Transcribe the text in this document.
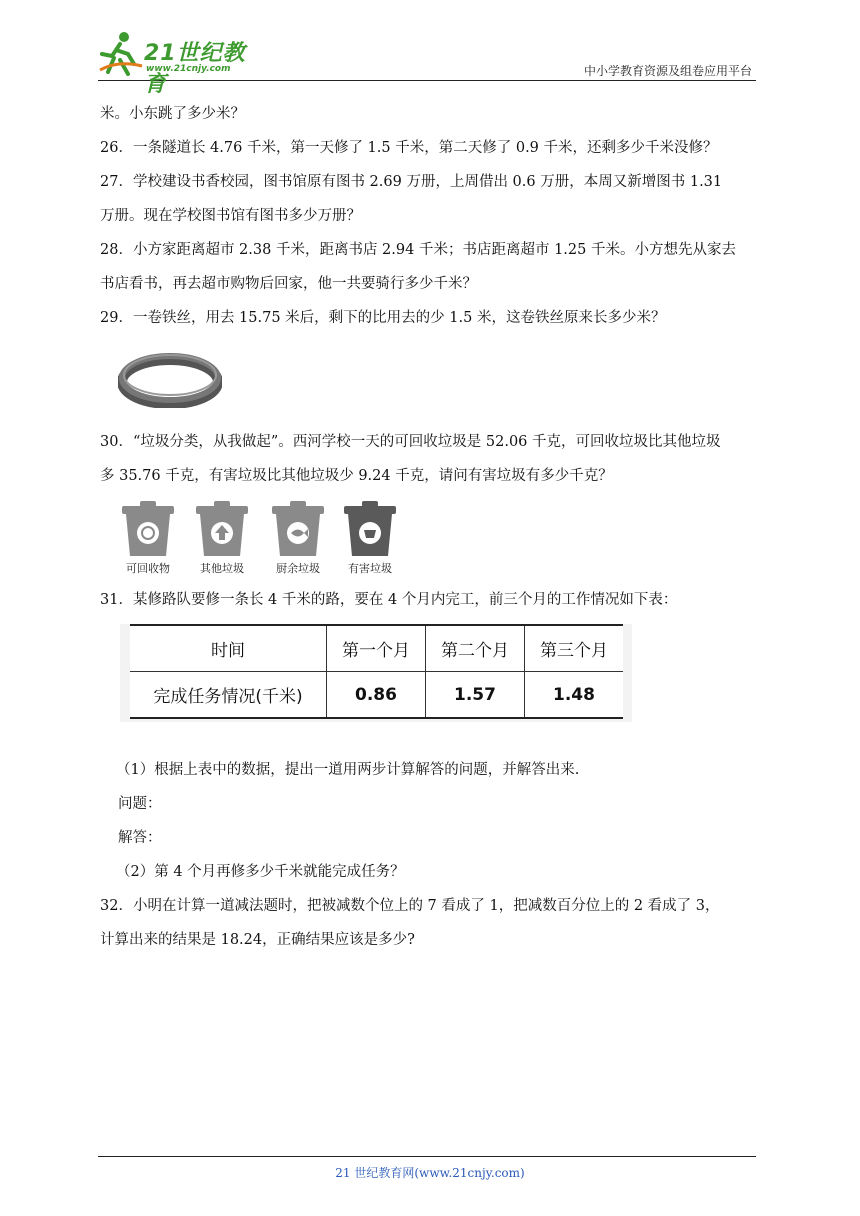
21世纪教育
www.21cnjy.com	中小学教育资源及组卷应用平台
米。小东跳了多少米？
26．一条隧道长 4.76 千米，第一天修了 1.5 千米，第二天修了 0.9 千米，还剩多少千米没修？
27．学校建设书香校园，图书馆原有图书 2.69 万册，上周借出 0.6 万册，本周又新增图书 1.31
万册。现在学校图书馆有图书多少万册？
28．小方家距离超市 2.38 千米，距离书店 2.94 千米；书店距离超市 1.25 千米。小方想先从家去
书店看书，再去超市购物后回家，他一共要骑行多少千米？
29．一卷铁丝，用去 15.75 米后，剩下的比用去的少 1.5 米，这卷铁丝原来长多少米？
30．“垃圾分类，从我做起”。西河学校一天的可回收垃圾是 52.06 千克，可回收垃圾比其他垃圾
多 35.76 千克，有害垃圾比其他垃圾少 9.24 千克，请问有害垃圾有多少千克？
可回收物	其他垃圾	厨余垃圾	有害垃圾
31．某修路队要修一条长 4 千米的路，要在 4 个月内完工，前三个月的工作情况如下表：
时间	第一个月	第二个月	第三个月
完成任务情况(千米)	0.86	1.57	1.48
（1）根据上表中的数据，提出一道用两步计算解答的问题，并解答出来.
问题：
解答：
（2）第 4 个月再修多少千米就能完成任务？
32．小明在计算一道减法题时，把被减数个位上的 7 看成了 1，把减数百分位上的 2 看成了 3，
计算出来的结果是 18.24，正确结果应该是多少?
21 世纪教育网(www.21cnjy.com)
